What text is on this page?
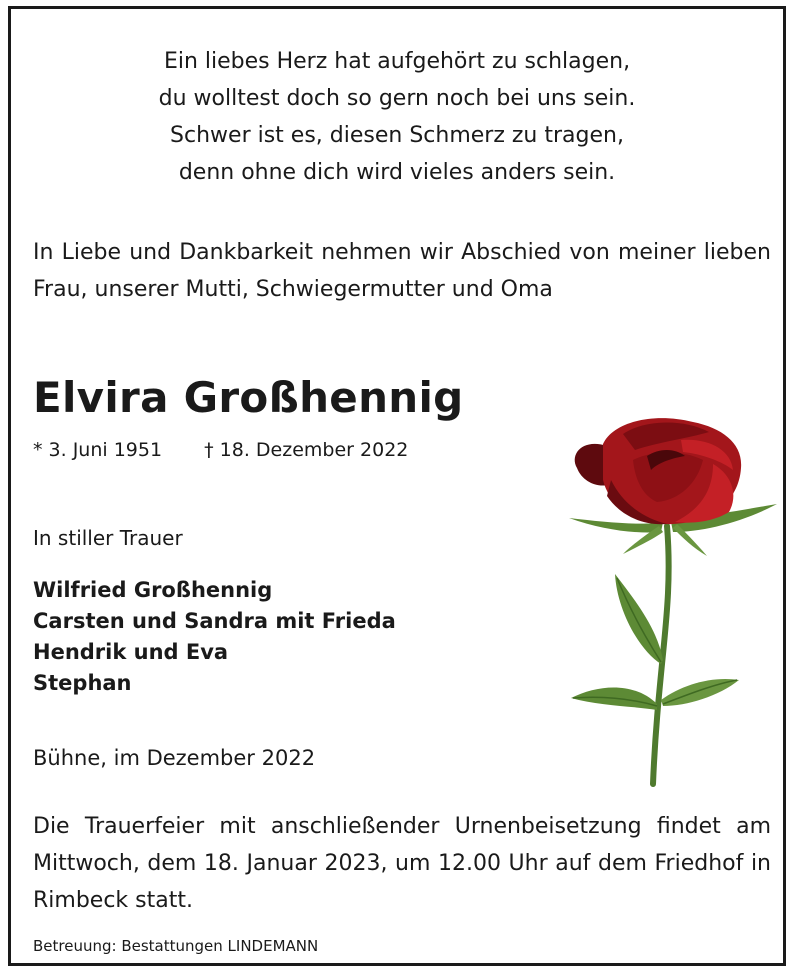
Ein liebes Herz hat aufgehört zu schlagen,
du wolltest doch so gern noch bei uns sein.
Schwer ist es, diesen Schmerz zu tragen,
denn ohne dich wird vieles anders sein.
In Liebe und Dankbarkeit nehmen wir Abschied von meiner lieben Frau, unserer Mutti, Schwiegermutter und Oma
Elvira Großhennig
* 3. Juni 1951 † 18. Dezember 2022
In stiller Trauer
Wilfried Großhennig
Carsten und Sandra mit Frieda
Hendrik und Eva
Stephan
Bühne, im Dezember 2022
Die Trauerfeier mit anschließender Urnenbeisetzung findet am Mittwoch, dem 18. Januar 2023, um 12.00 Uhr auf dem Friedhof in Rimbeck statt.
Betreuung: Bestattungen LINDEMANN
